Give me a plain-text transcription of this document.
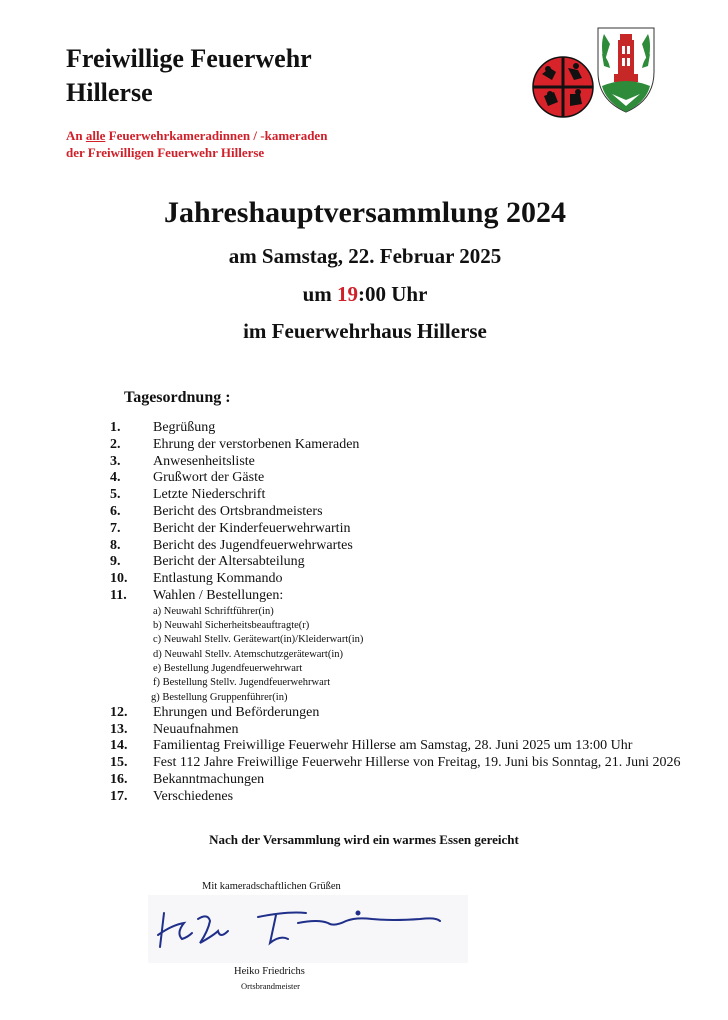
Freiwillige Feuerwehr
Hillerse
An alle Feuerwehrkameradinnen / -kameraden
der Freiwilligen Feuerwehr Hillerse
Jahreshauptversammlung 2024
am Samstag, 22. Februar 2025
um 19:00 Uhr
im Feuerwehrhaus Hillerse
Tagesordnung :
1.	Begrüßung
2.	Ehrung der verstorbenen Kameraden
3.	Anwesenheitsliste
4.	Grußwort der Gäste
5.	Letzte Niederschrift
6.	Bericht des Ortsbrandmeisters
7.	Bericht der Kinderfeuerwehrwartin
8.	Bericht des Jugendfeuerwehrwartes
9.	Bericht der Altersabteilung
10.	Entlastung Kommando
11.	Wahlen / Bestellungen:
a) Neuwahl Schriftführer(in)
b) Neuwahl Sicherheitsbeauftragte(r)
c) Neuwahl Stellv. Gerätewart(in)/Kleiderwart(in)
d) Neuwahl Stellv. Atemschutzgerätewart(in)
e) Bestellung Jugendfeuerwehrwart
f) Bestellung Stellv. Jugendfeuerwehrwart
g) Bestellung Gruppenführer(in)
12.	Ehrungen und Beförderungen
13.	Neuaufnahmen
14.	Familientag Freiwillige Feuerwehr Hillerse am Samstag, 28. Juni 2025 um 13:00 Uhr
15.	Fest 112 Jahre Freiwillige Feuerwehr Hillerse von Freitag, 19. Juni bis Sonntag, 21. Juni 2026
16.	Bekanntmachungen
17.	Verschiedenes
Nach der Versammlung wird ein warmes Essen gereicht
Mit kameradschaftlichen Grüßen
Heiko Friedrichs
Ortsbrandmeister
